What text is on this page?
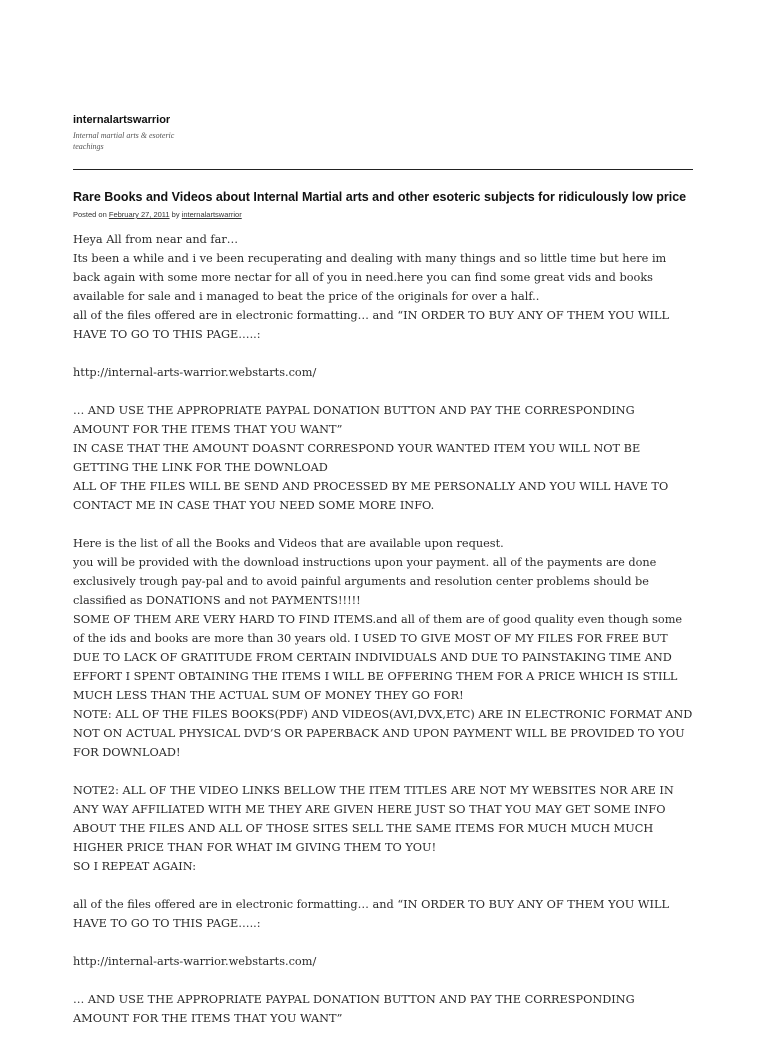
internalartswarrior
Internal martial arts & esoteric teachings
Rare Books and Videos about Internal Martial arts and other esoteric subjects for ridiculously low price
Posted on February 27, 2011 by internalartswarrior

Heya All from near and far…
Its been a while and i ve been recuperating and dealing with many things and so little time but here im back again with some more nectar for all of you in need.here you can find some great vids and books available for sale and i managed to beat the price of the originals for over a half..
all of the files offered are in electronic formatting… and “IN ORDER TO BUY ANY OF THEM YOU WILL HAVE TO GO TO THIS PAGE…..:

http://internal-arts-warrior.webstarts.com/

… AND USE THE APPROPRIATE PAYPAL DONATION BUTTON AND PAY THE CORRESPONDING AMOUNT FOR THE ITEMS THAT YOU WANT”
IN CASE THAT THE AMOUNT DOASNT CORRESPOND YOUR WANTED ITEM YOU WILL NOT BE GETTING THE LINK FOR THE DOWNLOAD
ALL OF THE FILES WILL BE SEND AND PROCESSED BY ME PERSONALLY AND YOU WILL HAVE TO CONTACT ME IN CASE THAT YOU NEED SOME MORE INFO.

Here is the list of all the Books and Videos that are available upon request.
you will be provided with the download instructions upon your payment. all of the payments are done exclusively trough pay-pal and to avoid painful arguments and resolution center problems should be classified as DONATIONS and not PAYMENTS!!!!!
SOME OF THEM ARE VERY HARD TO FIND ITEMS.and all of them are of good quality even though some of the ids and books are more than 30 years old. I USED TO GIVE MOST OF MY FILES FOR FREE BUT DUE TO LACK OF GRATITUDE FROM CERTAIN INDIVIDUALS AND DUE TO PAINSTAKING TIME AND EFFORT I SPENT OBTAINING THE ITEMS I WILL BE OFFERING THEM FOR A PRICE WHICH IS STILL MUCH LESS THAN THE ACTUAL SUM OF MONEY THEY GO FOR!
NOTE: ALL OF THE FILES BOOKS(PDF) AND VIDEOS(AVI,DVX,ETC) ARE IN ELECTRONIC FORMAT AND NOT ON ACTUAL PHYSICAL DVD’S OR PAPERBACK AND UPON PAYMENT WILL BE PROVIDED TO YOU FOR DOWNLOAD!

NOTE2: ALL OF THE VIDEO LINKS BELLOW THE ITEM TITLES ARE NOT MY WEBSITES NOR ARE IN ANY WAY AFFILIATED WITH ME THEY ARE GIVEN HERE JUST SO THAT YOU MAY GET SOME INFO ABOUT THE FILES AND ALL OF THOSE SITES SELL THE SAME ITEMS FOR MUCH MUCH MUCH HIGHER PRICE THAN FOR WHAT IM GIVING THEM TO YOU!
SO I REPEAT AGAIN:

all of the files offered are in electronic formatting… and “IN ORDER TO BUY ANY OF THEM YOU WILL HAVE TO GO TO THIS PAGE…..:

http://internal-arts-warrior.webstarts.com/

… AND USE THE APPROPRIATE PAYPAL DONATION BUTTON AND PAY THE CORRESPONDING AMOUNT FOR THE ITEMS THAT YOU WANT”
